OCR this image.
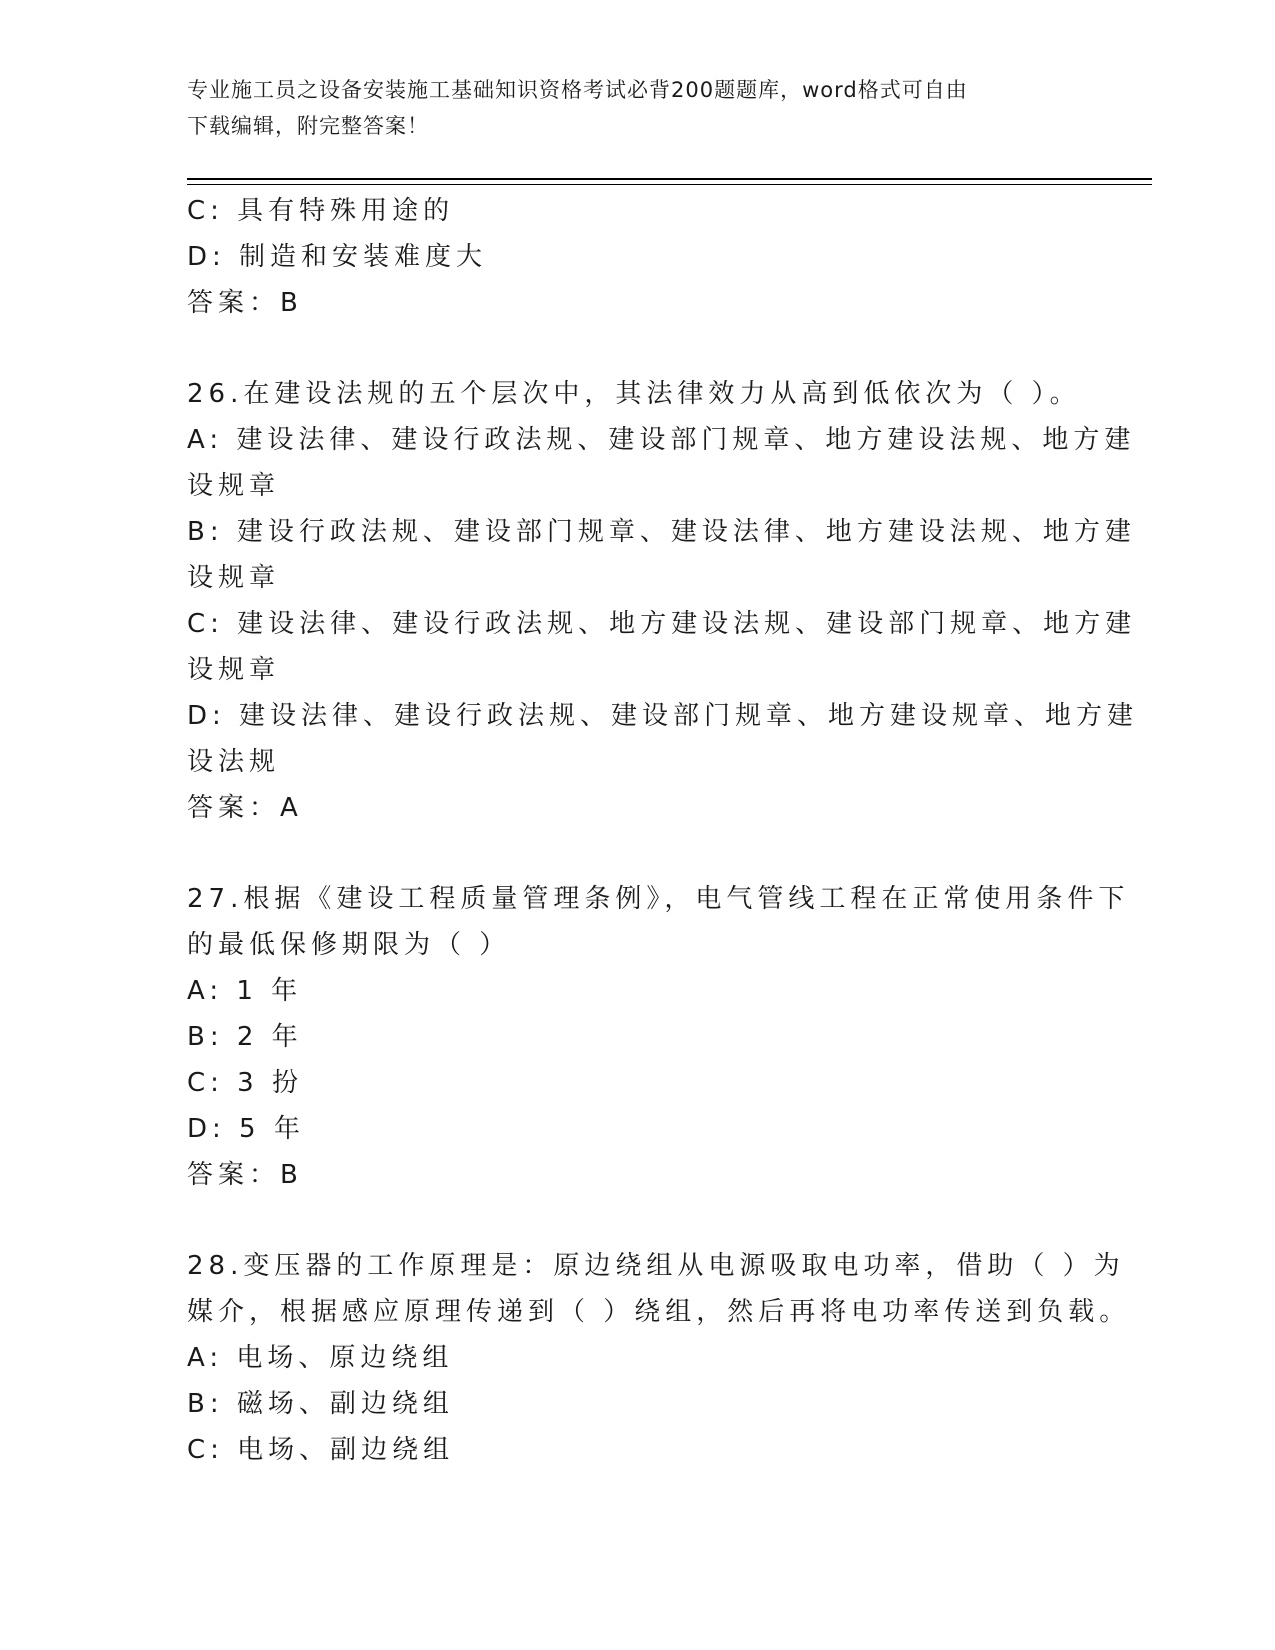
专业施工员之设备安装施工基础知识资格考试必背200题题库，word格式可自由
下载编辑，附完整答案！
C: 具有特殊用途的
D: 制造和安装难度大
答案：B
26.在建设法规的五个层次中，其法律效力从高到低依次为（ ）。
A: 建设法律、建设行政法规、建设部门规章、地方建设法规、地方建
设规章
B: 建设行政法规、建设部门规章、建设法律、地方建设法规、地方建
设规章
C: 建设法律、建设行政法规、地方建设法规、建设部门规章、地方建
设规章
D: 建设法律、建设行政法规、建设部门规章、地方建设规章、地方建
设法规
答案：A
27.根据《建设工程质量管理条例》，电气管线工程在正常使用条件下
的最低保修期限为（ ）
A: 1 年
B: 2 年
C: 3 扮
D: 5 年
答案：B
28.变压器的工作原理是：原边绕组从电源吸取电功率，借助（ ）为
媒介，根据感应原理传递到（ ）绕组，然后再将电功率传送到负载。
A: 电场、原边绕组
B: 磁场、副边绕组
C: 电场、副边绕组
